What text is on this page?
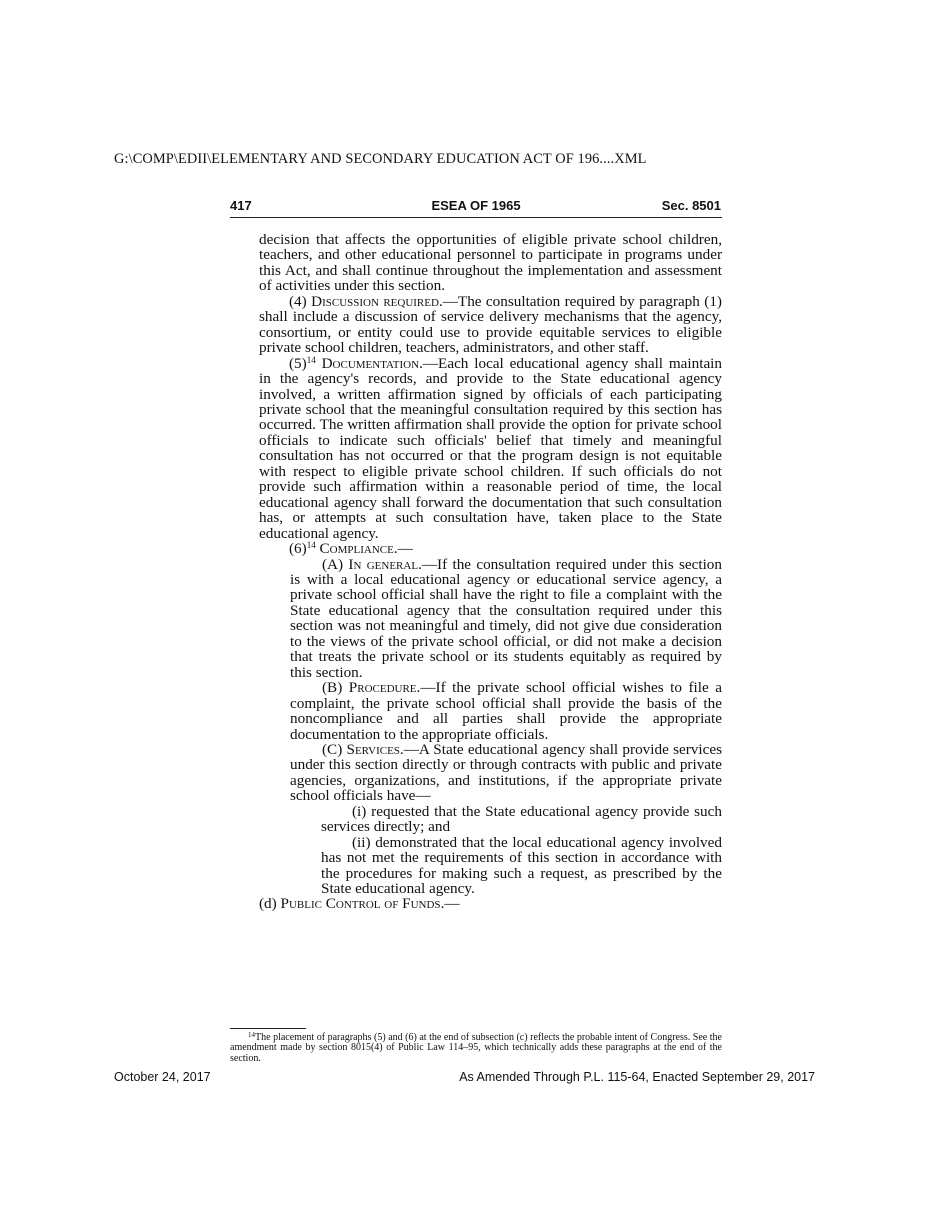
G:\COMP\EDII\ELEMENTARY AND SECONDARY EDUCATION ACT OF 196....XML
417	ESEA OF 1965	Sec. 8501

decision that affects the opportunities of eligible private school children, teachers, and other educational personnel to participate in programs under this Act, and shall continue throughout the implementation and assessment of activities under this section.

(4) Discussion required.—The consultation required by paragraph (1) shall include a discussion of service delivery mechanisms that the agency, consortium, or entity could use to provide equitable services to eligible private school children, teachers, administrators, and other staff.

$(5)^{14}$ Documentation.—Each local educational agency shall maintain in the agency's records, and provide to the State educational agency involved, a written affirmation signed by officials of each participating private school that the meaningful consultation required by this section has occurred. The written affirmation shall provide the option for private school officials to indicate such officials' belief that timely and meaningful consultation has not occurred or that the program design is not equitable with respect to eligible private school children. If such officials do not provide such affirmation within a reasonable period of time, the local educational agency shall forward the documentation that such consultation has, or attempts at such consultation have, taken place to the State educational agency.

$(6)^{14}$ Compliance.—

(A) In general.—If the consultation required under this section is with a local educational agency or educational service agency, a private school official shall have the right to file a complaint with the State educational agency that the consultation required under this section was not meaningful and timely, did not give due consideration to the views of the private school official, or did not make a decision that treats the private school or its students equitably as required by this section.

(B) Procedure.—If the private school official wishes to file a complaint, the private school official shall provide the basis of the noncompliance and all parties shall provide the appropriate documentation to the appropriate officials.

(C) Services.—A State educational agency shall provide services under this section directly or through contracts with public and private agencies, organizations, and institutions, if the appropriate private school officials have—

(i) requested that the State educational agency provide such services directly; and

(ii) demonstrated that the local educational agency involved has not met the requirements of this section in accordance with the procedures for making such a request, as prescribed by the State educational agency.

(d) Public Control of Funds.—

$^{14}$The placement of paragraphs (5) and (6) at the end of subsection (c) reflects the probable intent of Congress. See the amendment made by section 8015(4) of Public Law 114–95, which technically adds these paragraphs at the end of the section.
October 24, 2017	As Amended Through P.L. 115-64, Enacted September 29, 2017
